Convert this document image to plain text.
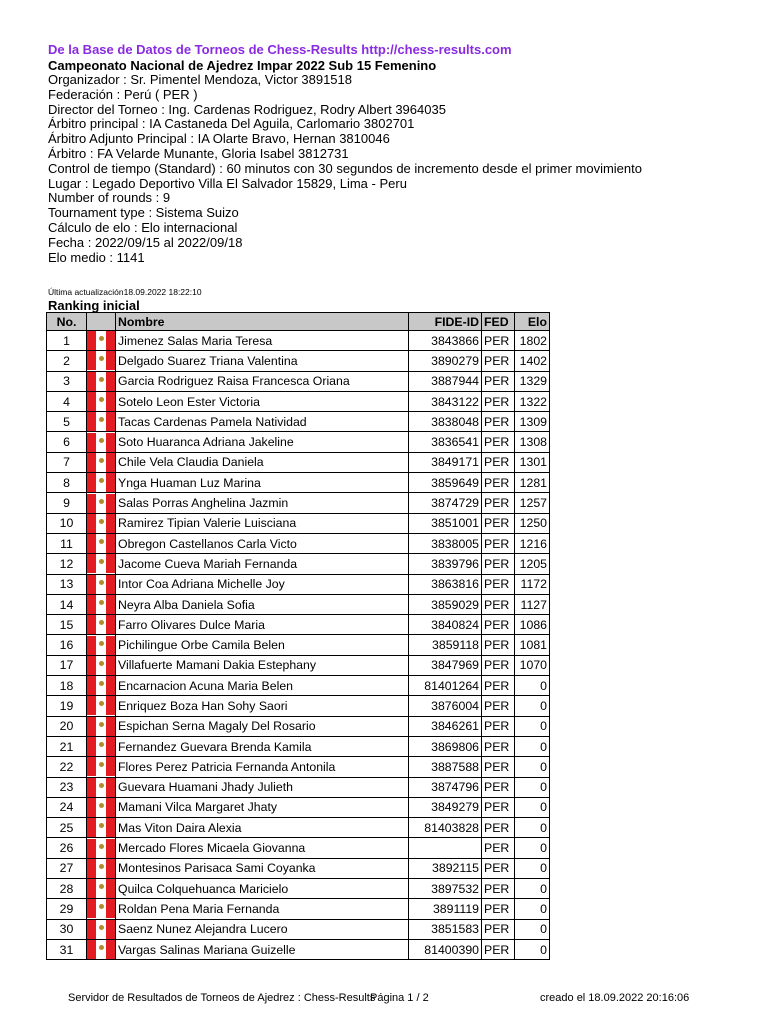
De la Base de Datos de Torneos de Chess-Results http://chess-results.com
Campeonato Nacional de Ajedrez Impar 2022 Sub 15 Femenino
Organizador : Sr. Pimentel Mendoza, Victor 3891518
Federación : Perú ( PER )
Director del Torneo : Ing. Cardenas Rodriguez, Rodry Albert 3964035
Árbitro principal : IA Castaneda Del Aguila, Carlomario 3802701
Árbitro Adjunto Principal : IA Olarte Bravo, Hernan 3810046
Árbitro : FA Velarde Munante, Gloria Isabel 3812731
Control de tiempo (Standard) : 60 minutos con 30 segundos de incremento desde el primer movimiento
Lugar : Legado Deportivo Villa El Salvador 15829, Lima - Peru
Number of rounds : 9
Tournament type : Sistema Suizo
Cálculo de elo : Elo internacional
Fecha : 2022/09/15 al 2022/09/18
Elo medio : 1141
Última actualización18.09.2022 18:22:10
Ranking inicial
No.		Nombre	FIDE-ID	FED	Elo
1		Jimenez Salas Maria Teresa	3843866	PER	1802
2		Delgado Suarez Triana Valentina	3890279	PER	1402
3		Garcia Rodriguez Raisa Francesca Oriana	3887944	PER	1329
4		Sotelo Leon Ester Victoria	3843122	PER	1322
5		Tacas Cardenas Pamela Natividad	3838048	PER	1309
6		Soto Huaranca Adriana Jakeline	3836541	PER	1308
7		Chile Vela Claudia Daniela	3849171	PER	1301
8		Ynga Huaman Luz Marina	3859649	PER	1281
9		Salas Porras Anghelina Jazmin	3874729	PER	1257
10		Ramirez Tipian Valerie Luisciana	3851001	PER	1250
11		Obregon Castellanos Carla Victo	3838005	PER	1216
12		Jacome Cueva Mariah Fernanda	3839796	PER	1205
13		Intor Coa Adriana Michelle Joy	3863816	PER	1172
14		Neyra Alba Daniela Sofia	3859029	PER	1127
15		Farro Olivares Dulce Maria	3840824	PER	1086
16		Pichilingue Orbe Camila Belen	3859118	PER	1081
17		Villafuerte Mamani Dakia Estephany	3847969	PER	1070
18		Encarnacion Acuna Maria Belen	81401264	PER	0
19		Enriquez Boza Han Sohy Saori	3876004	PER	0
20		Espichan Serna Magaly Del Rosario	3846261	PER	0
21		Fernandez Guevara Brenda Kamila	3869806	PER	0
22		Flores Perez Patricia Fernanda Antonila	3887588	PER	0
23		Guevara Huamani Jhady Julieth	3874796	PER	0
24		Mamani Vilca Margaret Jhaty	3849279	PER	0
25		Mas Viton Daira Alexia	81403828	PER	0
26		Mercado Flores Micaela Giovanna		PER	0
27		Montesinos Parisaca Sami Coyanka	3892115	PER	0
28		Quilca Colquehuanca Maricielo	3897532	PER	0
29		Roldan Pena Maria Fernanda	3891119	PER	0
30		Saenz Nunez Alejandra Lucero	3851583	PER	0
31		Vargas Salinas Mariana Guizelle	81400390	PER	0
Servidor de Resultados de Torneos de Ajedrez : Chess-Results
Página 1 / 2	creado el 18.09.2022 20:16:06
